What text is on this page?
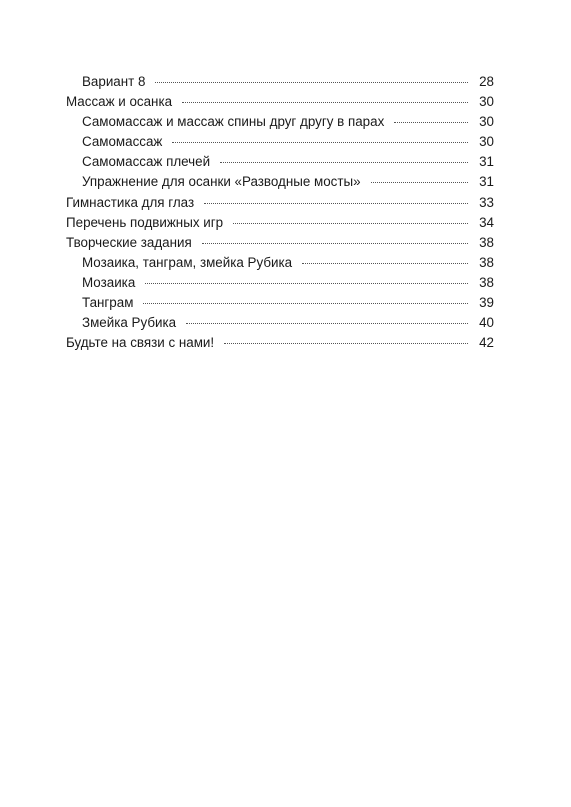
Вариант 8	28
Массаж и осанка	30
Самомассаж и массаж спины друг другу в парах	30
Самомассаж	30
Самомассаж плечей	31
Упражнение для осанки «Разводные мосты»	31
Гимнастика для глаз	33
Перечень подвижных игр	34
Творческие задания	38
Мозаика, танграм, змейка Рубика	38
Мозаика	38
Танграм	39
Змейка Рубика	40
Будьте на связи с нами!	42
